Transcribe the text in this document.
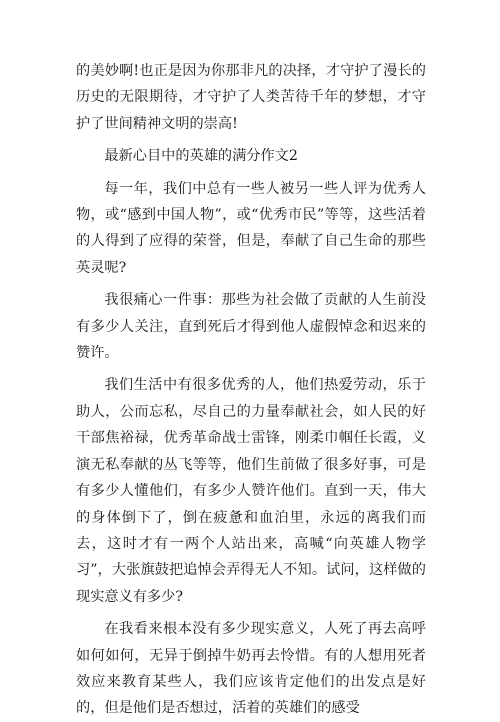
的美妙啊!也正是因为你那非凡的决择，才守护了漫长的历史的无限期待，才守护了人类苦待千年的梦想，才守护了世间精神文明的崇高!

最新心目中的英雄的满分作文2

每一年，我们中总有一些人被另一些人评为优秀人物，或“感到中国人物”，或“优秀市民”等等，这些活着的人得到了应得的荣誉，但是，奉献了自己生命的那些英灵呢?

我很痛心一件事：那些为社会做了贡献的人生前没有多少人关注，直到死后才得到他人虚假悼念和迟来的赞许。

我们生活中有很多优秀的人，他们热爱劳动，乐于助人，公而忘私，尽自己的力量奉献社会，如人民的好干部焦裕禄，优秀革命战士雷锋，刚柔巾帼任长霞，义演无私奉献的丛飞等等，他们生前做了很多好事，可是有多少人懂他们，有多少人赞许他们。直到一天，伟大的身体倒下了，倒在疲惫和血泊里，永远的离我们而去，这时才有一两个人站出来，高喊“向英雄人物学习”，大张旗鼓把追悼会弄得无人不知。试问，这样做的现实意义有多少?

在我看来根本没有多少现实意义，人死了再去高呼如何如何，无异于倒掉牛奶再去怜惜。有的人想用死者效应来教育某些人，我们应该肯定他们的出发点是好的，但是他们是否想过，活着的英雄们的感受
